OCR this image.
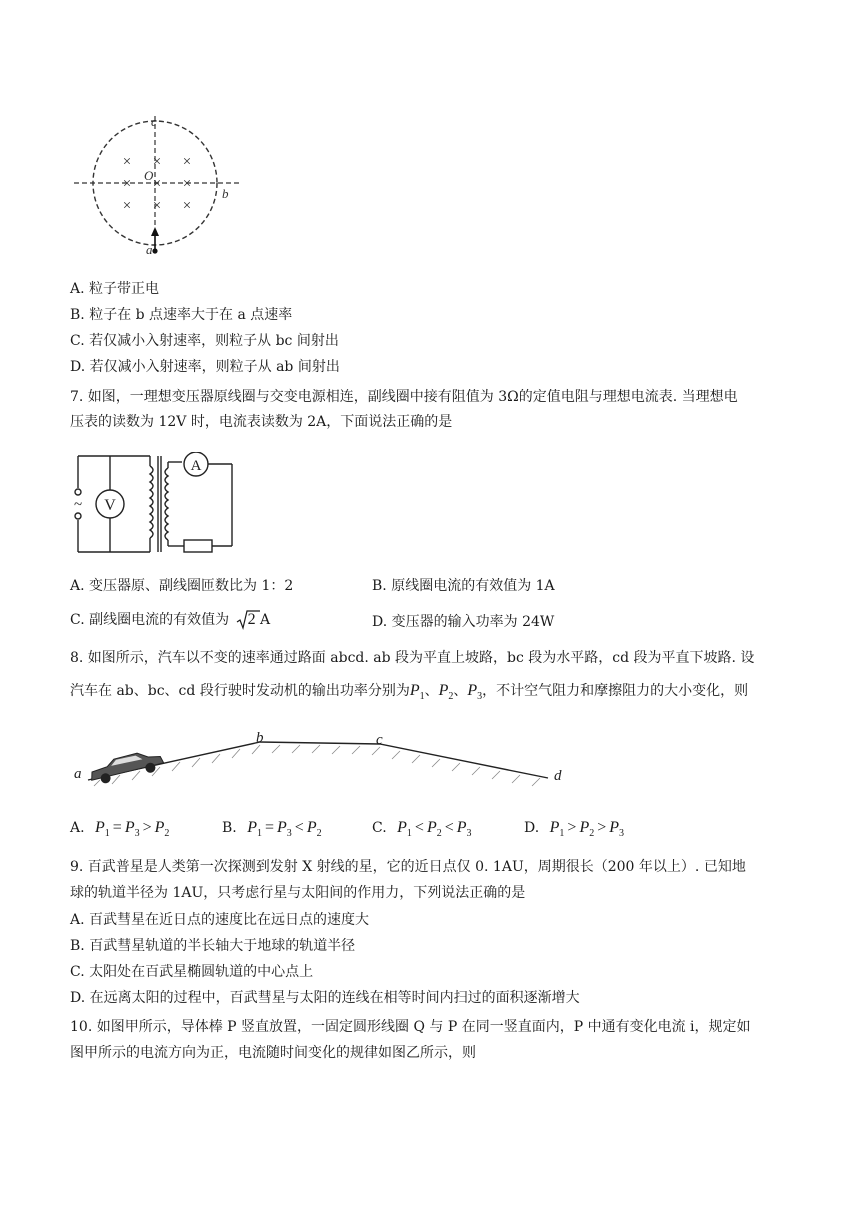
× × ×
× × ×
× × ×
c
O
b
a
A. 粒子带正电
B. 粒子在 b 点速率大于在 a 点速率
C. 若仅减小入射速率，则粒子从 bc 间射出
D. 若仅减小入射速率，则粒子从 ab 间射出
7. 如图，一理想变压器原线圈与交变电源相连，副线圈中接有阻值为 3Ω的定值电阻与理想电流表. 当理想电
压表的读数为 12V 时，电流表读数为 2A，下面说法正确的是
V
A
~
A. 变压器原、副线圈匝数比为 1：2	B. 原线圈电流的有效值为 1A
C. 副线圈电流的有效值为 2 A	D. 变压器的输入功率为 24W
8. 如图所示，汽车以不变的速率通过路面 abcd. ab 段为平直上坡路，bc 段为水平路，cd 段为平直下坡路. 设
汽车在 ab、bc、cd 段行驶时发动机的输出功率分别为$P_1$、$P_2$、$P_3$，不计空气阻力和摩擦阻力的大小变化，则
a
b	c
d
A. $P_1 = P_3 > P_2$	B. $P_1 = P_3 < P_2$	C. $P_1 < P_2 < P_3$	D. $P_1 > P_2 > P_3$
9. 百武普星是人类第一次探测到发射 X 射线的星，它的近日点仅 0. 1AU，周期很长（200 年以上）. 已知地
球的轨道半径为 1AU，只考虑行星与太阳间的作用力，下列说法正确的是
A. 百武彗星在近日点的速度比在远日点的速度大
B. 百武彗星轨道的半长轴大于地球的轨道半径
C. 太阳处在百武星椭圆轨道的中心点上
D. 在远离太阳的过程中，百武彗星与太阳的连线在相等时间内扫过的面积逐渐增大
10. 如图甲所示，导体棒 P 竖直放置，一固定圆形线圈 Q 与 P 在同一竖直面内，P 中通有变化电流 i，规定如
图甲所示的电流方向为正，电流随时间变化的规律如图乙所示，则
